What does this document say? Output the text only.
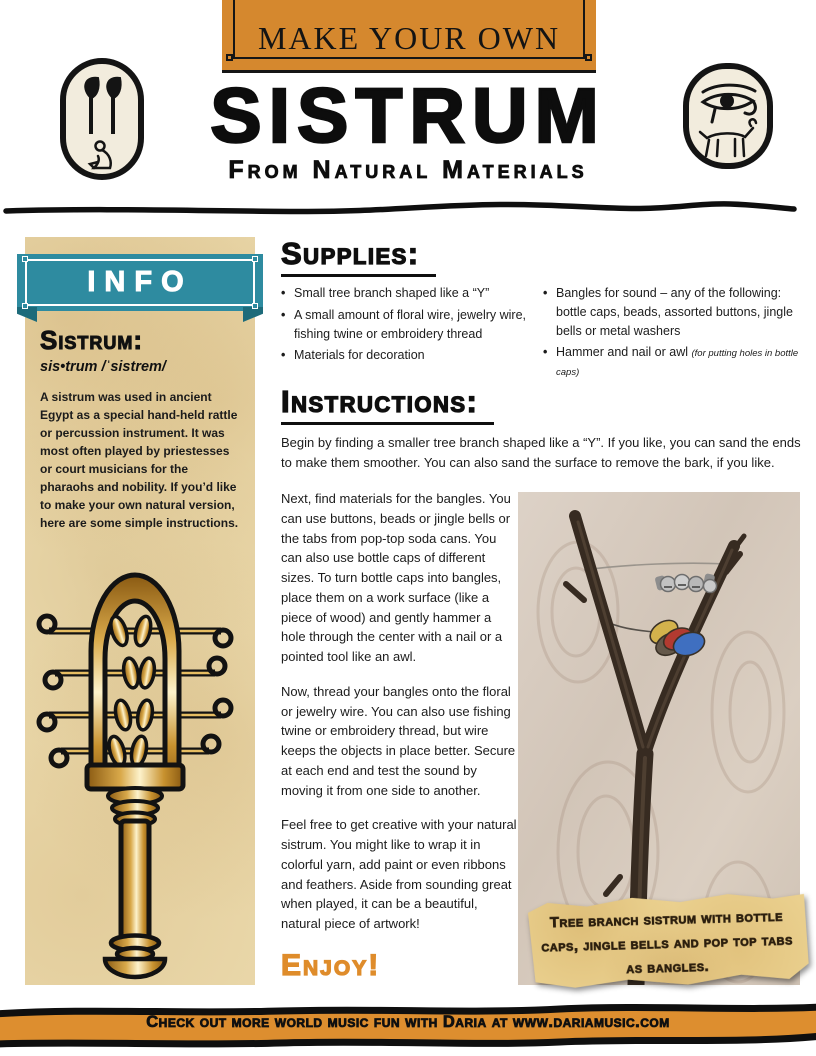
MAKE YOUR OWN
SISTRUM
From Natural Materials
INFO
Sistrum:
sis•trum /ˈsistrem/

A sistrum was used in ancient Egypt as a special hand-held rattle or percussion instrument. It was most often played by priestesses or court musicians for the pharaohs and nobility. If you’d like to make your own natural version, here are some simple instructions.

Supplies:
• Small tree branch shaped like a “Y”
• A small amount of floral wire, jewelry wire, fishing twine or embroidery thread
• Materials for decoration
• Bangles for sound – any of the following: bottle caps, beads, assorted buttons, jingle bells or metal washers
• Hammer and nail or awl (for putting holes in bottle caps)
Instructions:

Begin by finding a smaller tree branch shaped like a “Y”. If you like, you can sand the ends to make them smoother. You can also sand the surface to remove the bark, if you like.

Next, find materials for the bangles. You can use buttons, beads or jingle bells or the tabs from pop-top soda cans. You can also use bottle caps of different sizes. To turn bottle caps into bangles, place them on a work surface (like a piece of wood) and gently hammer a hole through the center with a nail or a pointed tool like an awl.

Now, thread your bangles onto the floral or jewelry wire. You can also use fishing twine or embroidery thread, but wire keeps the objects in place better. Secure at each end and test the sound by moving it from one side to another.

Feel free to get creative with your natural sistrum. You might like to wrap it in colorful yarn, add paint or even ribbons and feathers. Aside from sounding great when played, it can be a beautiful, natural piece of artwork!

Enjoy!
Tree branch sistrum with bottle caps, jingle bells and pop top tabs as bangles.
Check out more world music fun with Daria at www.dariamusic.com
